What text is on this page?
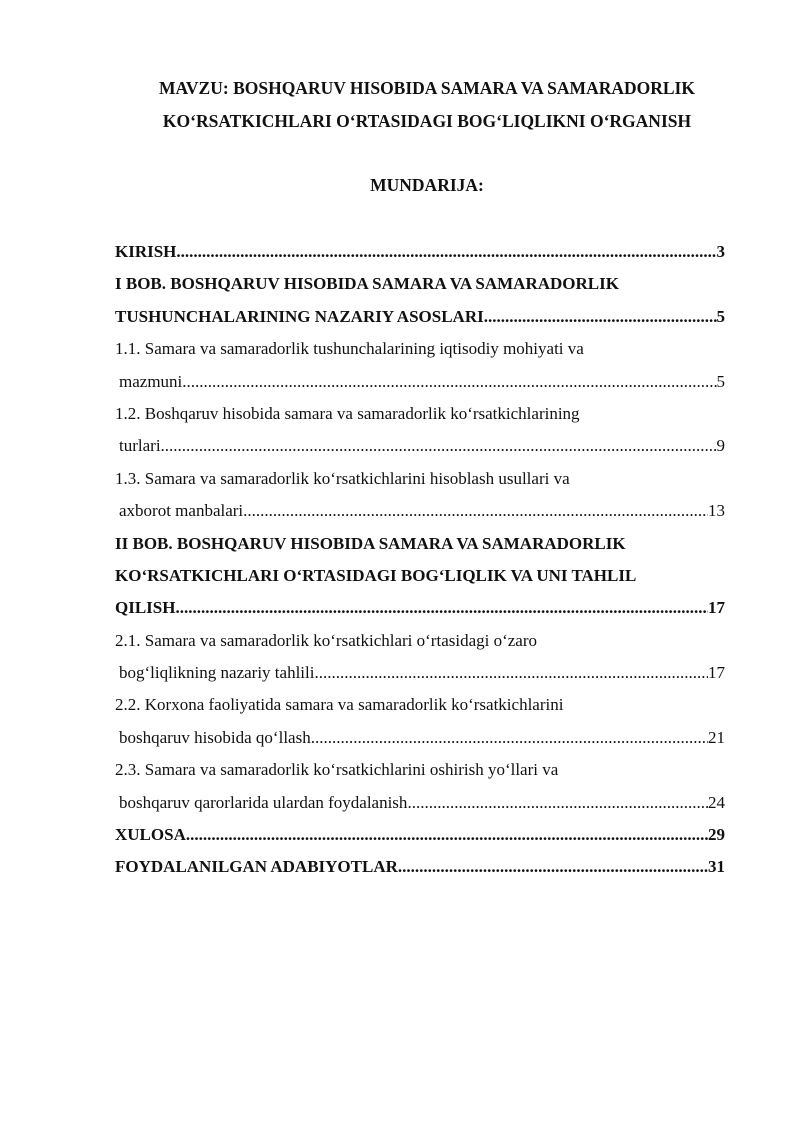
MAVZU: BOSHQARUV HISOBIDA SAMARA VA SAMARADORLIK
KO‘RSATKICHLARI O‘RTASIDAGI BOG‘LIQLIKNI O‘RGANISH
MUNDARIJA:
KIRISH .....	3
I BOB. BOSHQARUV HISOBIDA SAMARA VA SAMARADORLIK
TUSHUNCHALARINING NAZARIY ASOSLARI .....	5
1.1. Samara va samaradorlik tushunchalarining iqtisodiy mohiyati va
mazmuni .....	5
1.2. Boshqaruv hisobida samara va samaradorlik ko‘rsatkichlarining
turlari .....	9
1.3. Samara va samaradorlik ko‘rsatkichlarini hisoblash usullari va
axborot manbalari .....	13
II BOB. BOSHQARUV HISOBIDA SAMARA VA SAMARADORLIK
KO‘RSATKICHLARI O‘RTASIDAGI BOG‘LIQLIK VA UNI TAHLIL
QILISH .....	17
2.1. Samara va samaradorlik ko‘rsatkichlari o‘rtasidagi o‘zaro
bog‘liqlikning nazariy tahlili .....	17
2.2. Korxona faoliyatida samara va samaradorlik ko‘rsatkichlarini
boshqaruv hisobida qo‘llash .....	21
2.3. Samara va samaradorlik ko‘rsatkichlarini oshirish yo‘llari va
boshqaruv qarorlarida ulardan foydalanish .....	24
XULOSA .....	29
FOYDALANILGAN ADABIYOTLAR .....	31
